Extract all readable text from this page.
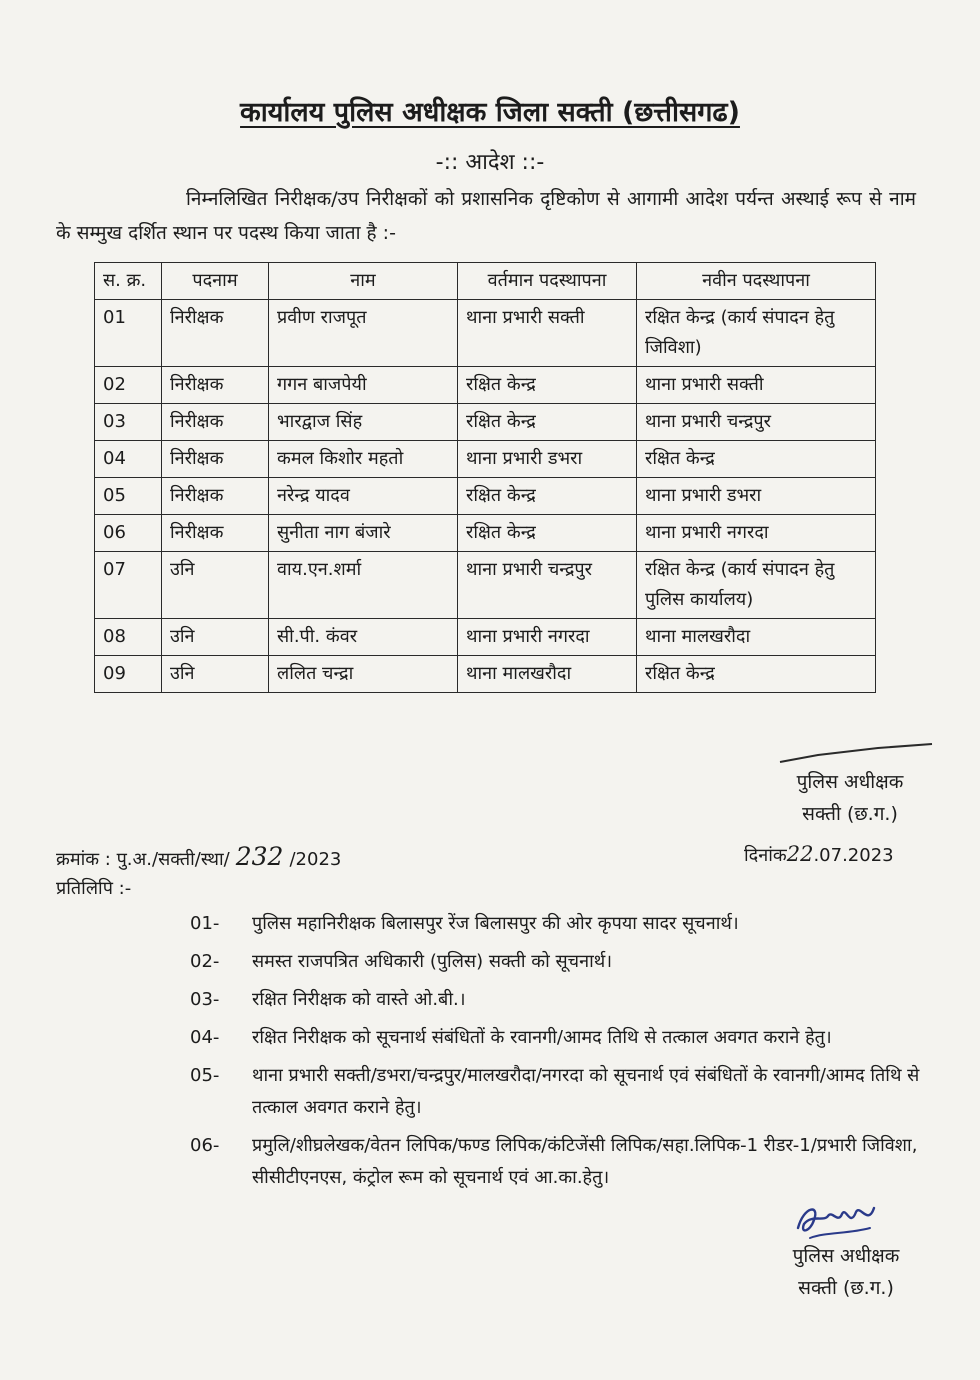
कार्यालय पुलिस अधीक्षक जिला सक्ती (छत्तीसगढ)
-:: आदेश ::-
निम्नलिखित निरीक्षक/उप निरीक्षकों को प्रशासनिक दृष्टिकोण से आगामी आदेश पर्यन्त अस्थाई रूप से नाम के सम्मुख दर्शित स्थान पर पदस्थ किया जाता है :-
स. क्र.	पदनाम	नाम	वर्तमान पदस्थापना	नवीन पदस्थापना
01	निरीक्षक	प्रवीण राजपूत	थाना प्रभारी सक्ती	रक्षित केन्द्र (कार्य संपादन हेतु जिविशा)
02	निरीक्षक	गगन बाजपेयी	रक्षित केन्द्र	थाना प्रभारी सक्ती
03	निरीक्षक	भारद्वाज सिंह	रक्षित केन्द्र	थाना प्रभारी चन्द्रपुर
04	निरीक्षक	कमल किशोर महतो	थाना प्रभारी डभरा	रक्षित केन्द्र
05	निरीक्षक	नरेन्द्र यादव	रक्षित केन्द्र	थाना प्रभारी डभरा
06	निरीक्षक	सुनीता नाग बंजारे	रक्षित केन्द्र	थाना प्रभारी नगरदा
07	उनि	वाय.एन.शर्मा	थाना प्रभारी चन्द्रपुर	रक्षित केन्द्र (कार्य संपादन हेतु पुलिस कार्यालय)
08	उनि	सी.पी. कंवर	थाना प्रभारी नगरदा	थाना मालखरौदा
09	उनि	ललित चन्द्रा	थाना मालखरौदा	रक्षित केन्द्र
पुलिस अधीक्षक
सक्ती (छ.ग.)
क्रमांक : पु.अ./सक्ती/स्था/ 232 /2023	दिनांक22.07.2023
प्रतिलिपि :-
01-	पुलिस महानिरीक्षक बिलासपुर रेंज बिलासपुर की ओर कृपया सादर सूचनार्थ।
02-	समस्त राजपत्रित अधिकारी (पुलिस) सक्ती को सूचनार्थ।
03-	रक्षित निरीक्षक को वास्ते ओ.बी.।
04-	रक्षित निरीक्षक को सूचनार्थ संबंधितों के रवानगी/आमद तिथि से तत्काल अवगत कराने हेतु।
05-	थाना प्रभारी सक्ती/डभरा/चन्द्रपुर/मालखरौदा/नगरदा को सूचनार्थ एवं संबंधितों के रवानगी/आमद तिथि से तत्काल अवगत कराने हेतु।
06-	प्रमुलि/शीघ्रलेखक/वेतन लिपिक/फण्ड लिपिक/कंटिजेंसी लिपिक/सहा.लिपिक-1 रीडर-1/प्रभारी जिविशा, सीसीटीएनएस, कंट्रोल रूम को सूचनार्थ एवं आ.का.हेतु।
पुलिस अधीक्षक
सक्ती (छ.ग.)
